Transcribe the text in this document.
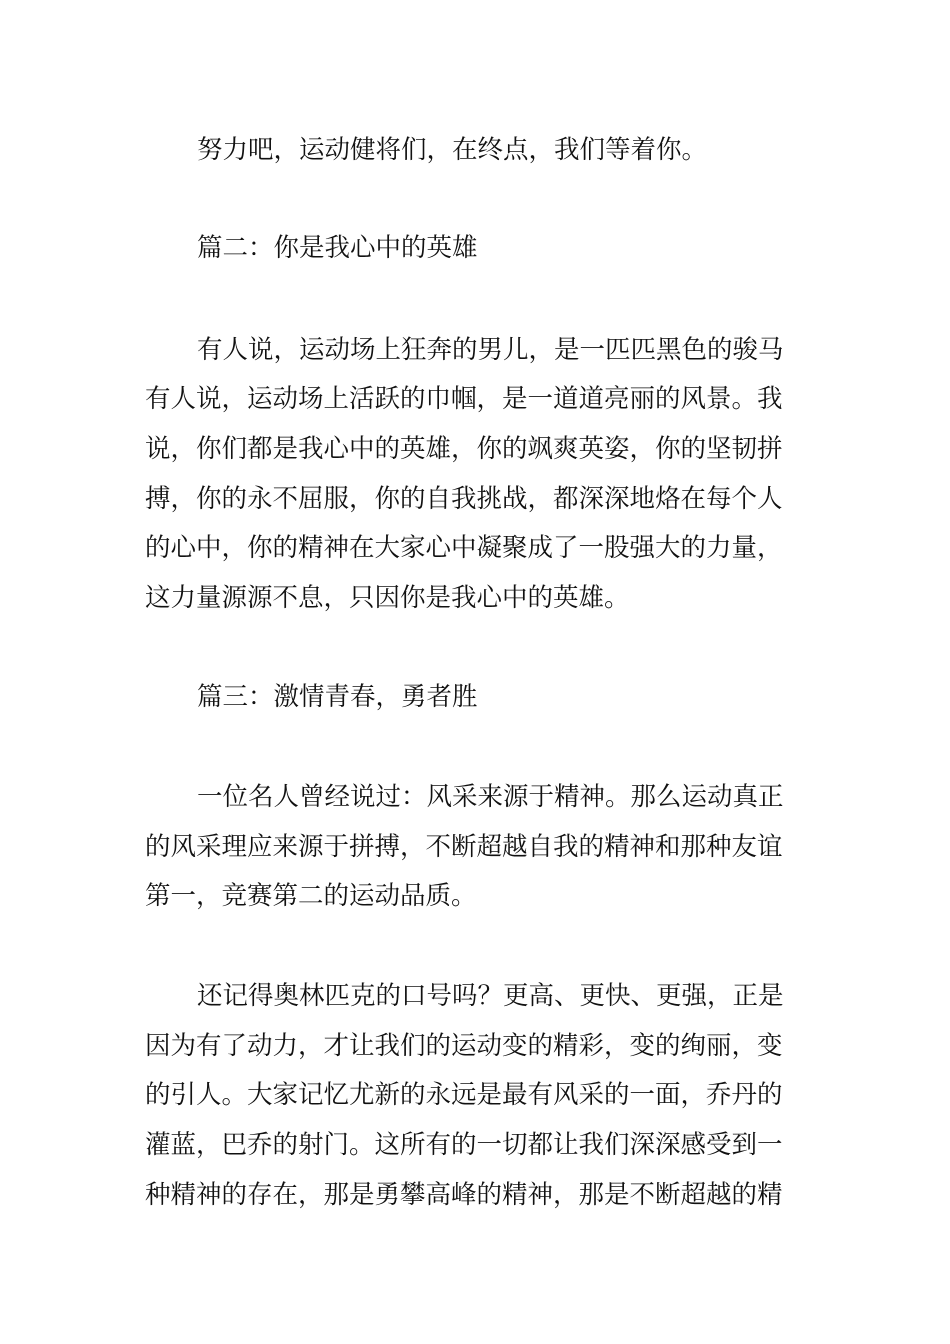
努力吧，运动健将们，在终点，我们等着你。
篇二：你是我心中的英雄
有人说，运动场上狂奔的男儿，是一匹匹黑色的骏马
有人说，运动场上活跃的巾帼，是一道道亮丽的风景。我
说，你们都是我心中的英雄，你的飒爽英姿，你的坚韧拼
搏，你的永不屈服，你的自我挑战，都深深地烙在每个人
的心中，你的精神在大家心中凝聚成了一股强大的力量，
这力量源源不息，只因你是我心中的英雄。
篇三：激情青春，勇者胜
一位名人曾经说过：风采来源于精神。那么运动真正
的风采理应来源于拼搏，不断超越自我的精神和那种友谊
第一，竞赛第二的运动品质。
还记得奥林匹克的口号吗？更高、更快、更强，正是
因为有了动力，才让我们的运动变的精彩，变的绚丽，变
的引人。大家记忆尤新的永远是最有风采的一面，乔丹的
灌蓝，巴乔的射门。这所有的一切都让我们深深感受到一
种精神的存在，那是勇攀高峰的精神，那是不断超越的精
